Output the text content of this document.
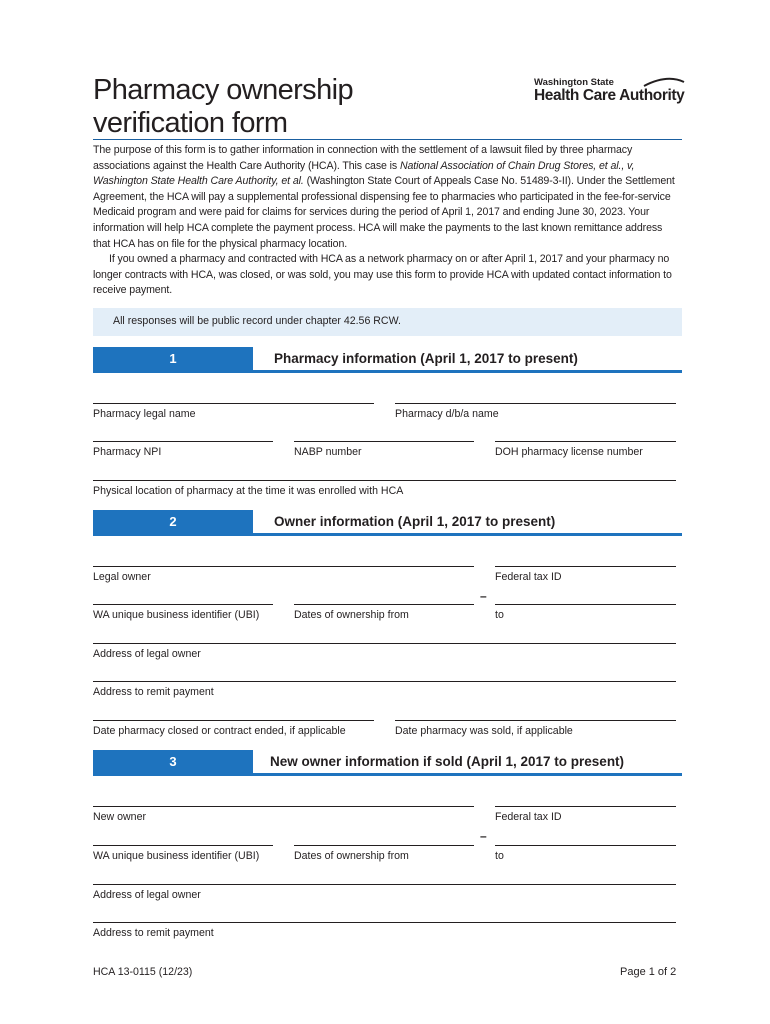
Pharmacy ownership
verification form
Washington State
Health Care Authority

The purpose of this form is to gather information in connection with the settlement of a lawsuit filed by three pharmacy associations against the Health Care Authority (HCA). This case is National Association of Chain Drug Stores, et al., v, Washington State Health Care Authority, et al. (Washington State Court of Appeals Case No. 51489-3-II). Under the Settlement Agreement, the HCA will pay a supplemental professional dispensing fee to pharmacies who participated in the fee-for-service Medicaid program and were paid for claims for services during the period of April 1, 2017 and ending June 30, 2023. Your information will help HCA complete the payment process. HCA will make the payments to the last known remittance address that HCA has on file for the physical pharmacy location.

If you owned a pharmacy and contracted with HCA as a network pharmacy on or after April 1, 2017 and your pharmacy no longer contracts with HCA, was closed, or was sold, you may use this form to provide HCA with updated contact information to receive payment.

All responses will be public record under chapter 42.56 RCW.
1	Pharmacy information (April 1, 2017 to present)
Pharmacy legal name	Pharmacy d/b/a name
Pharmacy NPI	NABP number	DOH pharmacy license number
Physical location of pharmacy at the time it was enrolled with HCA
2	Owner information (April 1, 2017 to present)
Legal owner	Federal tax ID
WA unique business identifier (UBI)	Dates of ownership from
–
to
Address of legal owner
Address to remit payment
Date pharmacy closed or contract ended, if applicable	Date pharmacy was sold, if applicable
3	New owner information if sold (April 1, 2017 to present)
New owner	Federal tax ID
WA unique business identifier (UBI)	Dates of ownership from
–
to
Address of legal owner
Address to remit payment
HCA 13-0115 (12/23)	Page 1 of 2
